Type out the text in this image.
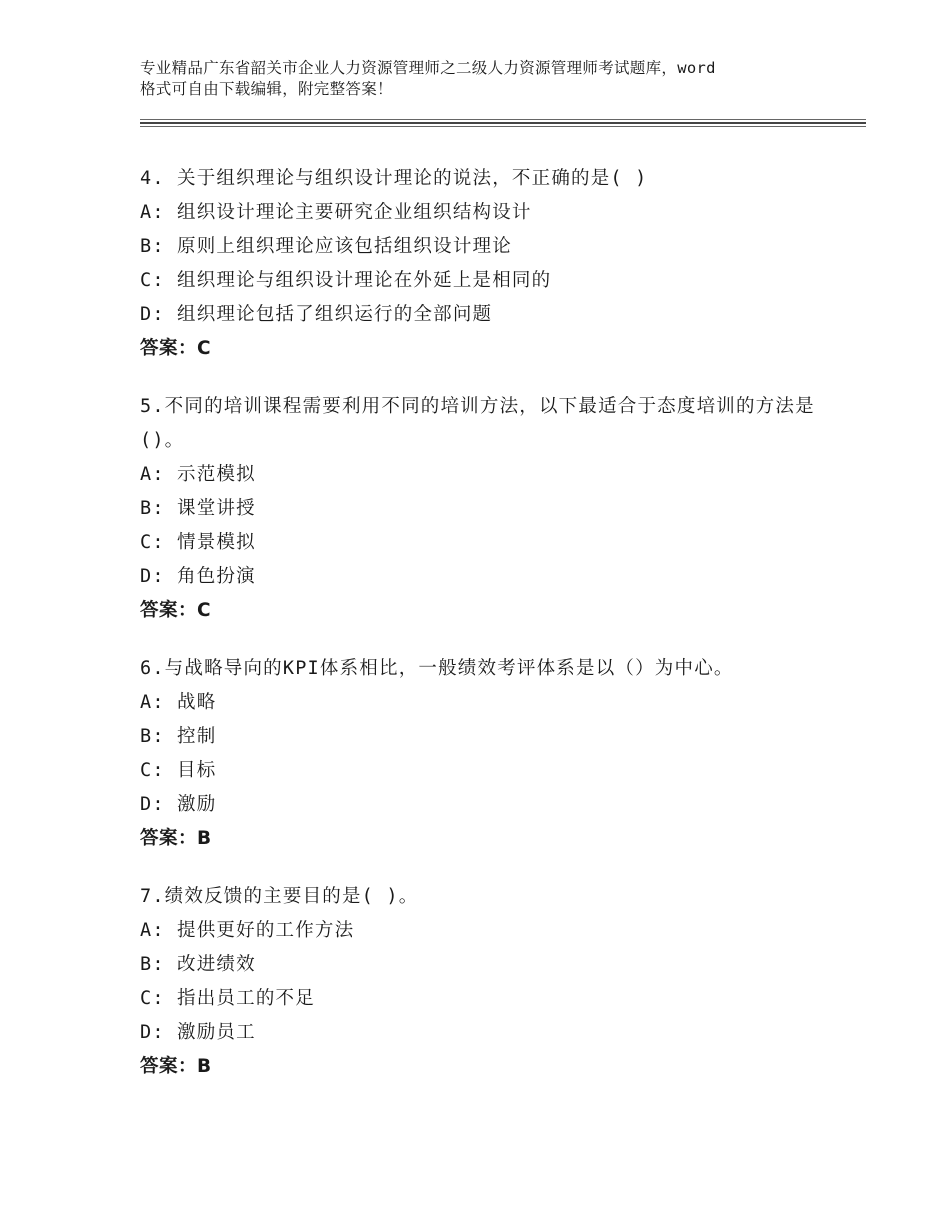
专业精品广东省韶关市企业人力资源管理师之二级人力资源管理师考试题库，word
格式可自由下载编辑，附完整答案！
4. 关于组织理论与组织设计理论的说法，不正确的是( )
A: 组织设计理论主要研究企业组织结构设计
B: 原则上组织理论应该包括组织设计理论
C: 组织理论与组织设计理论在外延上是相同的
D: 组织理论包括了组织运行的全部问题
答案：C
5.不同的培训课程需要利用不同的培训方法，以下最适合于态度培训的方法是()。
A: 示范模拟
B: 课堂讲授
C: 情景模拟
D: 角色扮演
答案：C
6.与战略导向的KPI体系相比，一般绩效考评体系是以（）为中心。
A: 战略
B: 控制
C: 目标
D: 激励
答案：B
7.绩效反馈的主要目的是( )。
A: 提供更好的工作方法
B: 改进绩效
C: 指出员工的不足
D: 激励员工
答案：B
